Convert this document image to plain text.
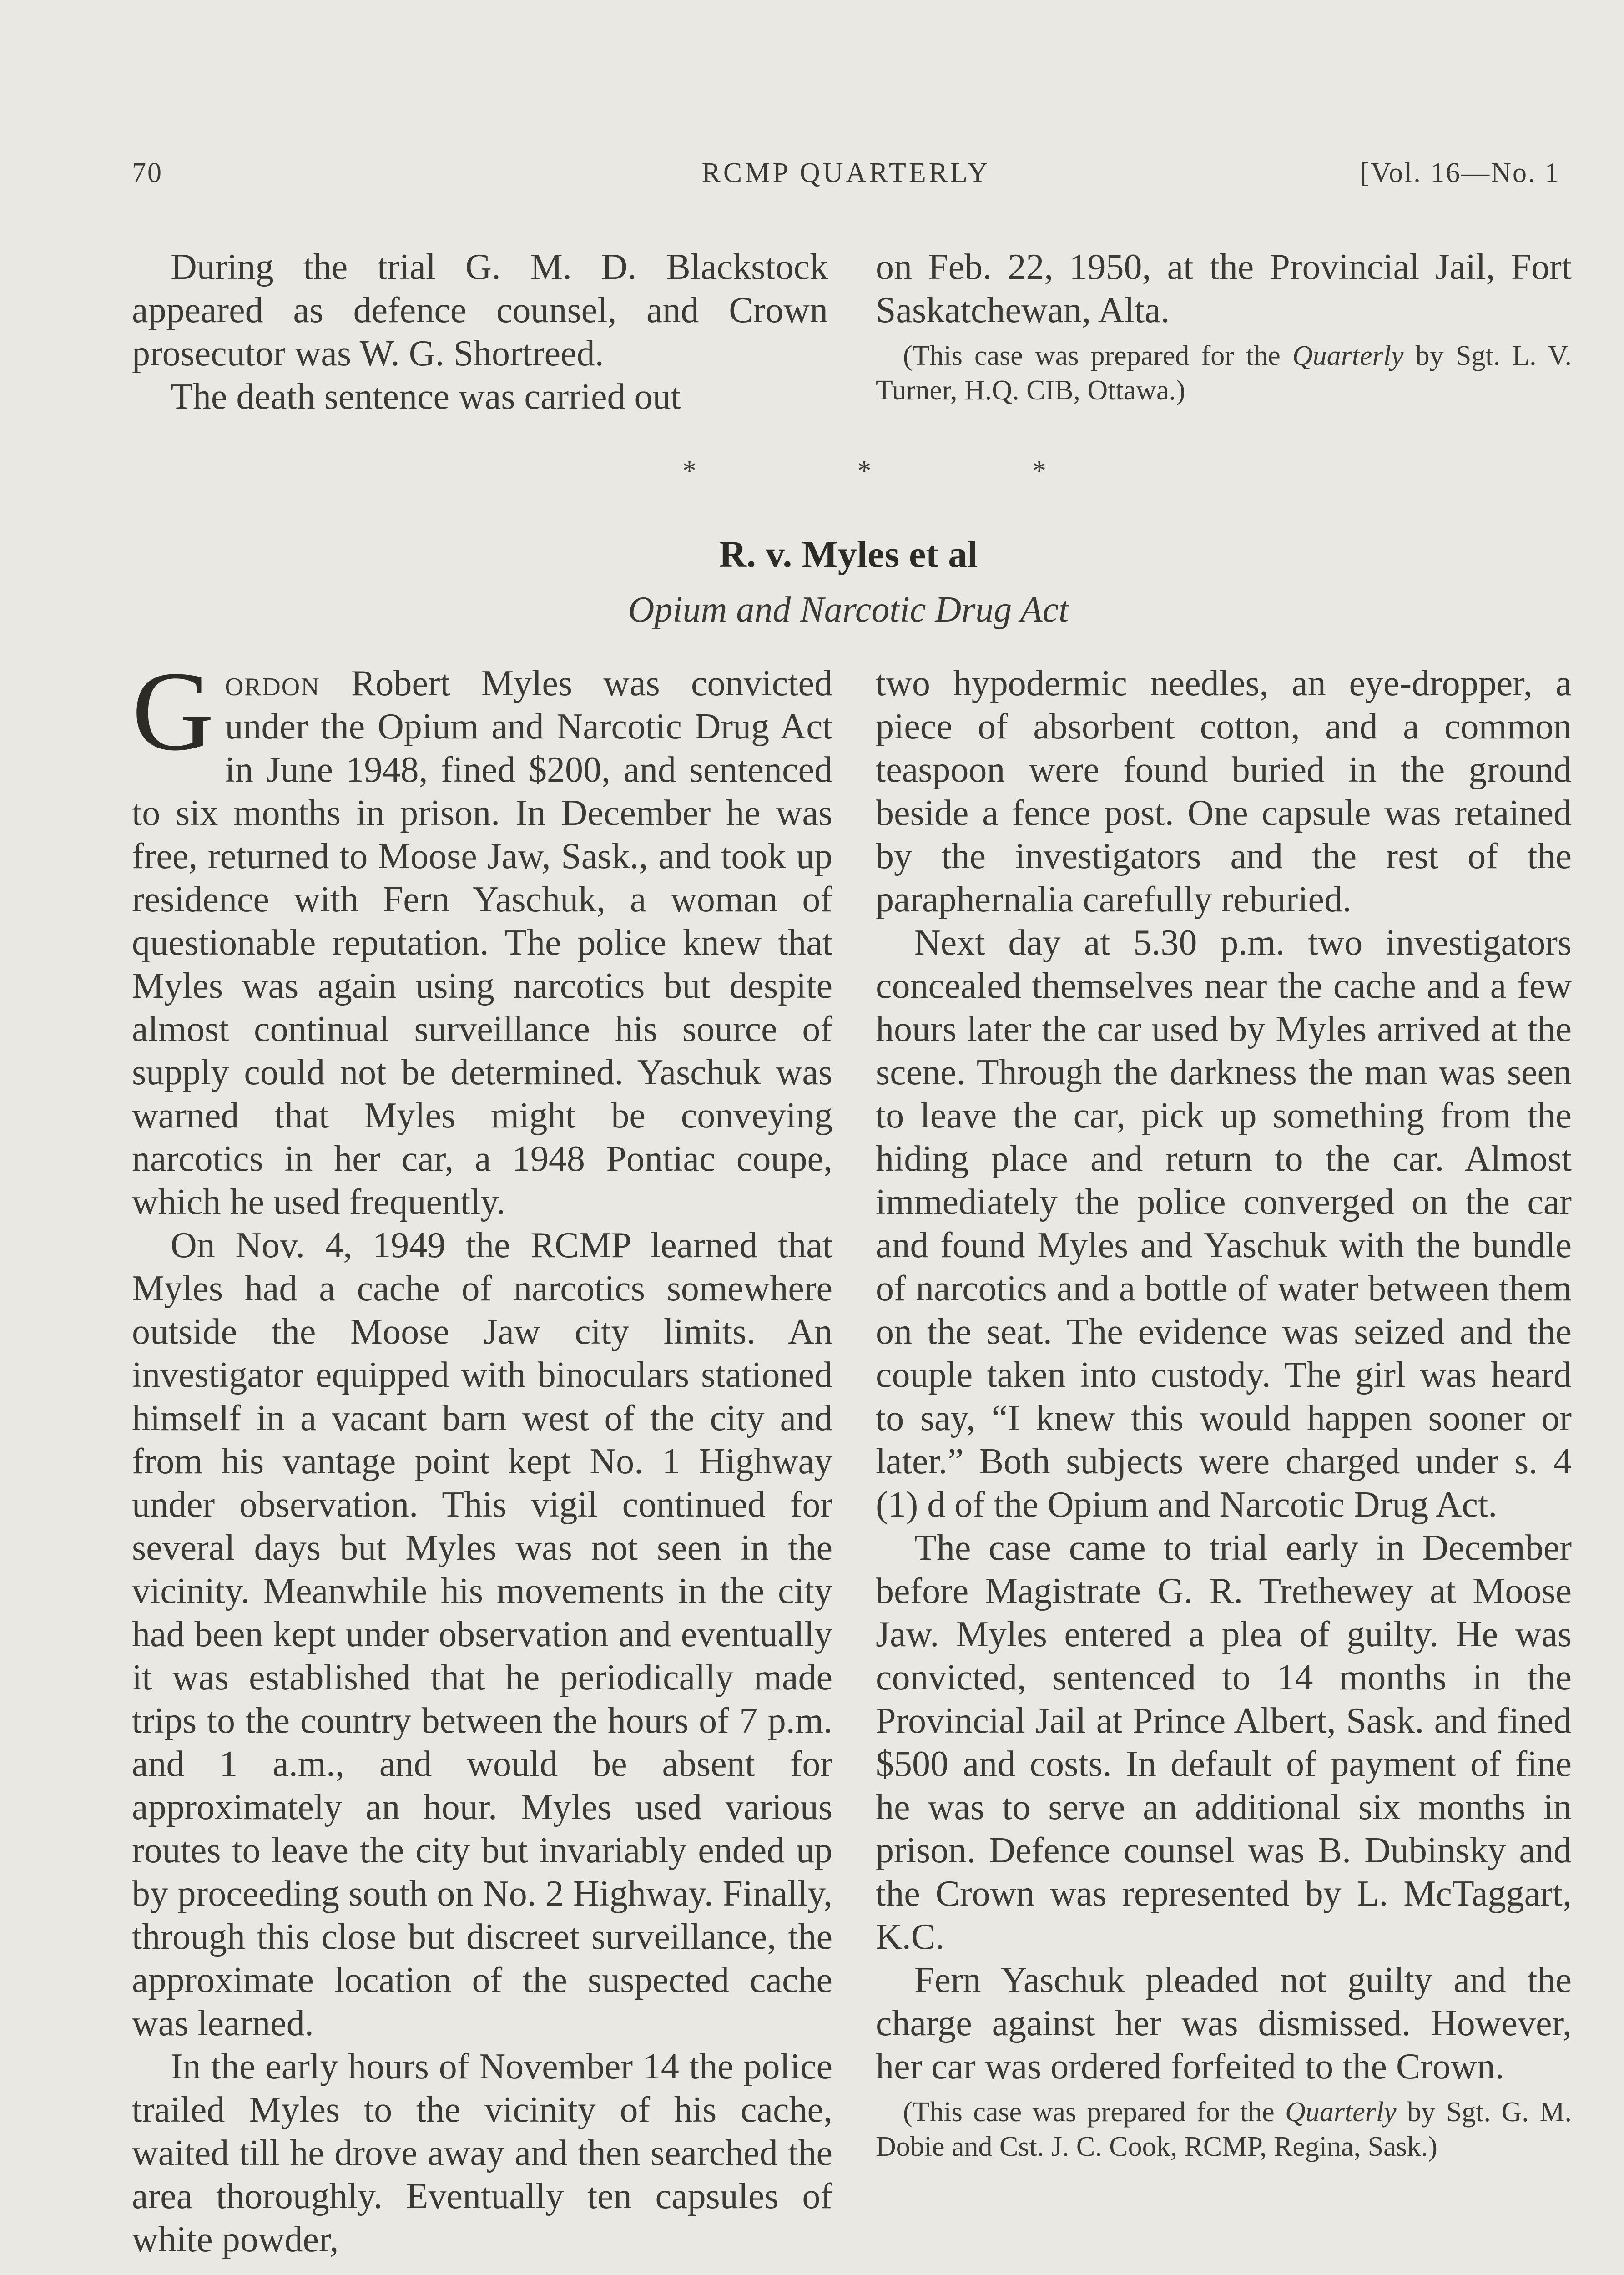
70	RCMP QUARTERLY	[Vol. 16—No. 1

During the trial G. M. D. Blackstock appeared as defence counsel, and Crown prosecutor was W. G. Shortreed.

The death sentence was carried out

on Feb. 22, 1950, at the Provincial Jail, Fort Saskatchewan, Alta.

(This case was prepared for the Quarterly by Sgt. L. V. Turner, H.Q. CIB, Ottawa.)

*	*	*
R. v. Myles et al
Opium and Narcotic Drug Act

Gordon Robert Myles was convicted under the Opium and Narcotic Drug Act in June 1948, fined $200, and sentenced to six months in prison. In December he was free, returned to Moose Jaw, Sask., and took up residence with Fern Yaschuk, a woman of questionable reputation. The police knew that Myles was again using narcotics but despite almost continual surveillance his source of supply could not be determined. Yaschuk was warned that Myles might be conveying narcotics in her car, a 1948 Pontiac coupe, which he used frequently.

On Nov. 4, 1949 the RCMP learned that Myles had a cache of narcotics somewhere outside the Moose Jaw city limits. An investigator equipped with binoculars stationed himself in a vacant barn west of the city and from his vantage point kept No. 1 Highway under observation. This vigil continued for several days but Myles was not seen in the vicinity. Meanwhile his movements in the city had been kept under observation and eventually it was established that he periodically made trips to the country between the hours of 7 p.m. and 1 a.m., and would be absent for approximately an hour. Myles used various routes to leave the city but invariably ended up by proceeding south on No. 2 Highway. Finally, through this close but discreet surveillance, the approximate location of the suspected cache was learned.

In the early hours of November 14 the police trailed Myles to the vicinity of his cache, waited till he drove away and then searched the area thoroughly. Eventually ten capsules of white powder,

two hypodermic needles, an eye-dropper, a piece of absorbent cotton, and a common teaspoon were found buried in the ground beside a fence post. One capsule was retained by the investigators and the rest of the paraphernalia carefully reburied.

Next day at 5.30 p.m. two investigators concealed themselves near the cache and a few hours later the car used by Myles arrived at the scene. Through the darkness the man was seen to leave the car, pick up something from the hiding place and return to the car. Almost immediately the police converged on the car and found Myles and Yaschuk with the bundle of narcotics and a bottle of water between them on the seat. The evidence was seized and the couple taken into custody. The girl was heard to say, “I knew this would happen sooner or later.” Both subjects were charged under s. 4 (1) d of the Opium and Narcotic Drug Act.

The case came to trial early in December before Magistrate G. R. Trethewey at Moose Jaw. Myles entered a plea of guilty. He was convicted, sentenced to 14 months in the Provincial Jail at Prince Albert, Sask. and fined $500 and costs. In default of payment of fine he was to serve an additional six months in prison. Defence counsel was B. Dubinsky and the Crown was represented by L. McTaggart, K.C.

Fern Yaschuk pleaded not guilty and the charge against her was dismissed. However, her car was ordered forfeited to the Crown.

(This case was prepared for the Quarterly by Sgt. G. M. Dobie and Cst. J. C. Cook, RCMP, Regina, Sask.)
